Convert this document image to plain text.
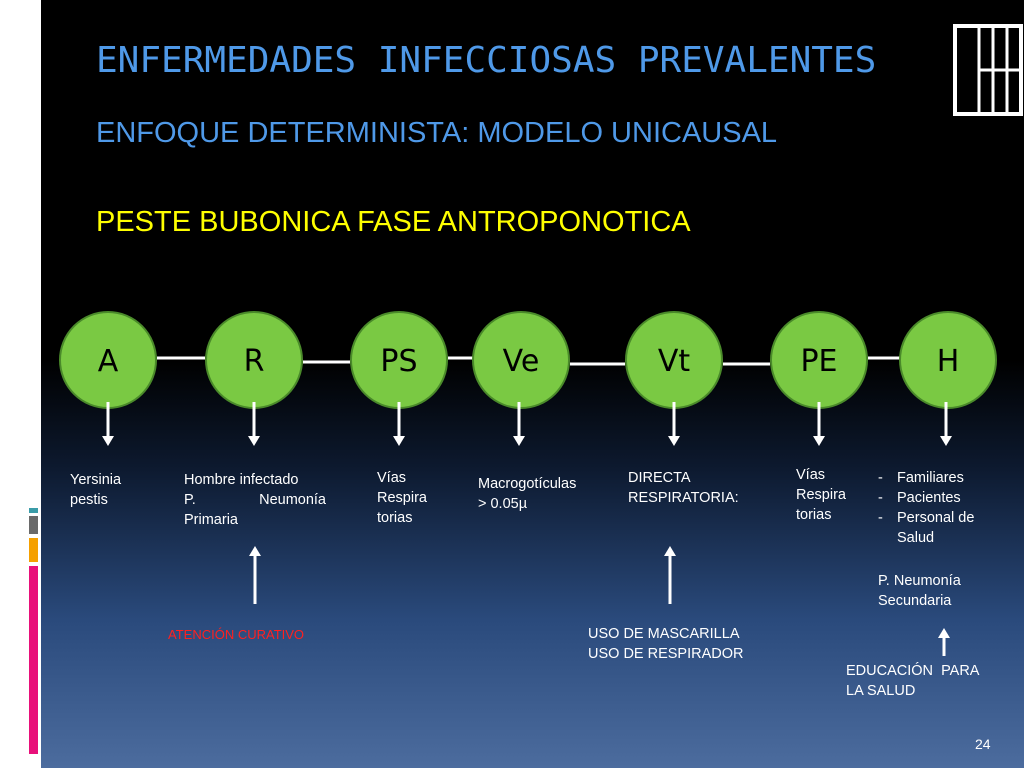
ENFERMEDADES INFECCIOSAS PREVALENTES
ENFOQUE DETERMINISTA: MODELO UNICAUSAL
PESTE BUBONICA FASE ANTROPONOTICA
A	R	PS	Ve	Vt	PE	H
Yersinia
pestis
Hombre infectado
P.	Neumonía
Primaria
Vías
Respira
torias
Macrogotículas
> 0.05µ
DIRECTA
RESPIRATORIA:
Vías
Respira
torias
- Familiares
- Pacientes
- Personal de
Salud
P. Neumonía
Secundaria
ATENCIÓN CURATIVO	USO DE MASCARILLA
USO DE RESPIRADOR
EDUCACIÓN  PARA
LA SALUD
24
